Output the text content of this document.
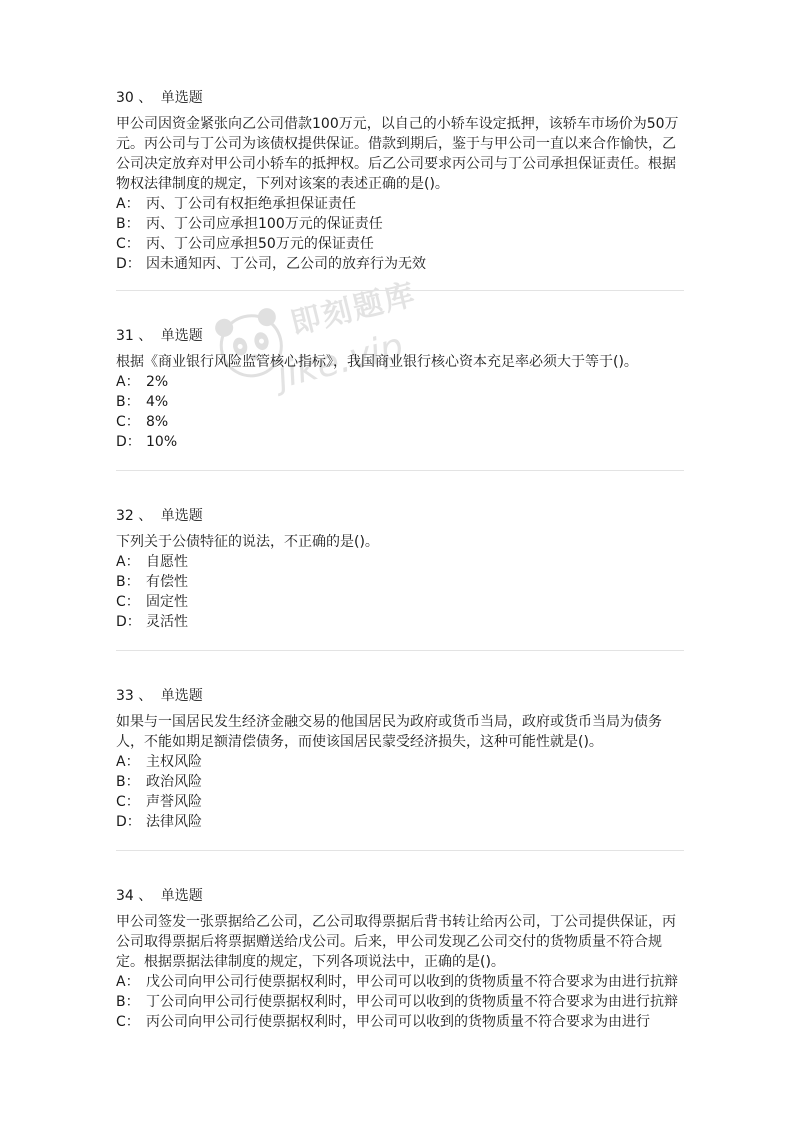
即刻题库
jike.vip
30 、 单选题

甲公司因资金紧张向乙公司借款100万元，以自己的小轿车设定抵押，该轿车市场价为50万元。丙公司与丁公司为该债权提供保证。借款到期后，鉴于与甲公司一直以来合作愉快，乙公司决定放弃对甲公司小轿车的抵押权。后乙公司要求丙公司与丁公司承担保证责任。根据物权法律制度的规定，下列对该案的表述正确的是()。

A： 丙、丁公司有权拒绝承担保证责任

B： 丙、丁公司应承担100万元的保证责任

C： 丙、丁公司应承担50万元的保证责任

D： 因未通知丙、丁公司，乙公司的放弃行为无效

31 、 单选题

根据《商业银行风险监管核心指标》，我国商业银行核心资本充足率必须大于等于()。

A： 2%

B： 4%

C： 8%

D： 10%

32 、 单选题

下列关于公债特征的说法，不正确的是()。

A： 自愿性

B： 有偿性

C： 固定性

D： 灵活性

33 、 单选题

如果与一国居民发生经济金融交易的他国居民为政府或货币当局，政府或货币当局为债务人，不能如期足额清偿债务，而使该国居民蒙受经济损失，这种可能性就是()。

A： 主权风险

B： 政治风险

C： 声誉风险

D： 法律风险

34 、 单选题

甲公司签发一张票据给乙公司，乙公司取得票据后背书转让给丙公司，丁公司提供保证，丙公司取得票据后将票据赠送给戊公司。后来，甲公司发现乙公司交付的货物质量不符合规定。根据票据法律制度的规定，下列各项说法中，正确的是()。

A： 戊公司向甲公司行使票据权利时，甲公司可以收到的货物质量不符合要求为由进行抗辩

B： 丁公司向甲公司行使票据权利时，甲公司可以收到的货物质量不符合要求为由进行抗辩

C： 丙公司向甲公司行使票据权利时，甲公司可以收到的货物质量不符合要求为由进行
